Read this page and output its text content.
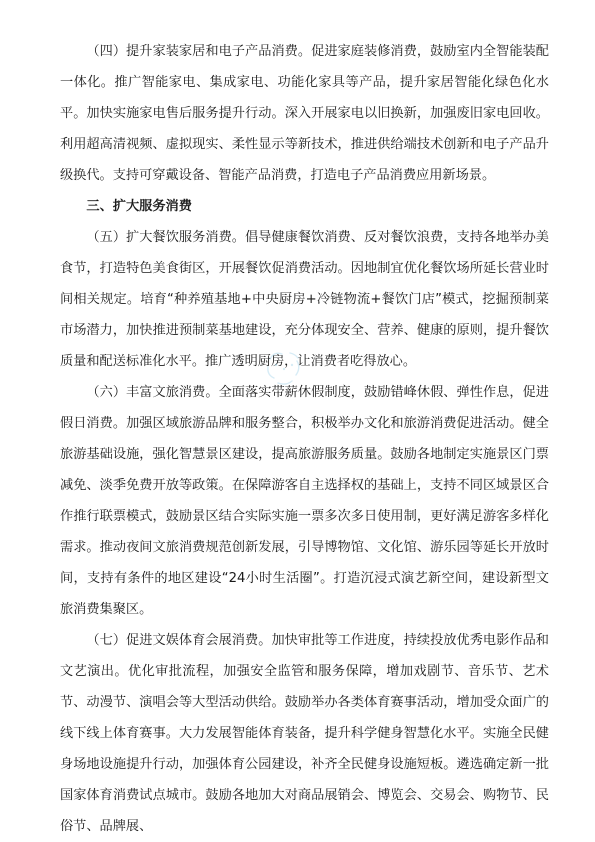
（四）提升家装家居和电子产品消费。促进家庭装修消费，鼓励室内全智能装配一体化。推广智能家电、集成家电、功能化家具等产品，提升家居智能化绿色化水平。加快实施家电售后服务提升行动。深入开展家电以旧换新，加强废旧家电回收。利用超高清视频、虚拟现实、柔性显示等新技术，推进供给端技术创新和电子产品升级换代。支持可穿戴设备、智能产品消费，打造电子产品消费应用新场景。

三、扩大服务消费

（五）扩大餐饮服务消费。倡导健康餐饮消费、反对餐饮浪费，支持各地举办美食节，打造特色美食街区，开展餐饮促消费活动。因地制宜优化餐饮场所延长营业时间相关规定。培育“种养殖基地+中央厨房+冷链物流+餐饮门店”模式，挖掘预制菜市场潜力，加快推进预制菜基地建设，充分体现安全、营养、健康的原则，提升餐饮质量和配送标准化水平。推广透明厨房，让消费者吃得放心。

（六）丰富文旅消费。全面落实带薪休假制度，鼓励错峰休假、弹性作息，促进假日消费。加强区域旅游品牌和服务整合，积极举办文化和旅游消费促进活动。健全旅游基础设施，强化智慧景区建设，提高旅游服务质量。鼓励各地制定实施景区门票减免、淡季免费开放等政策。在保障游客自主选择权的基础上，支持不同区域景区合作推行联票模式，鼓励景区结合实际实施一票多次多日使用制，更好满足游客多样化需求。推动夜间文旅消费规范创新发展，引导博物馆、文化馆、游乐园等延长开放时间，支持有条件的地区建设“24小时生活圈”。打造沉浸式演艺新空间，建设新型文旅消费集聚区。

（七）促进文娱体育会展消费。加快审批等工作进度，持续投放优秀电影作品和文艺演出。优化审批流程，加强安全监管和服务保障，增加戏剧节、音乐节、艺术节、动漫节、演唱会等大型活动供给。鼓励举办各类体育赛事活动，增加受众面广的线下线上体育赛事。大力发展智能体育装备，提升科学健身智慧化水平。实施全民健身场地设施提升行动，加强体育公园建设，补齐全民健身设施短板。遴选确定新一批国家体育消费试点城市。鼓励各地加大对商品展销会、博览会、交易会、购物节、民俗节、品牌展、
